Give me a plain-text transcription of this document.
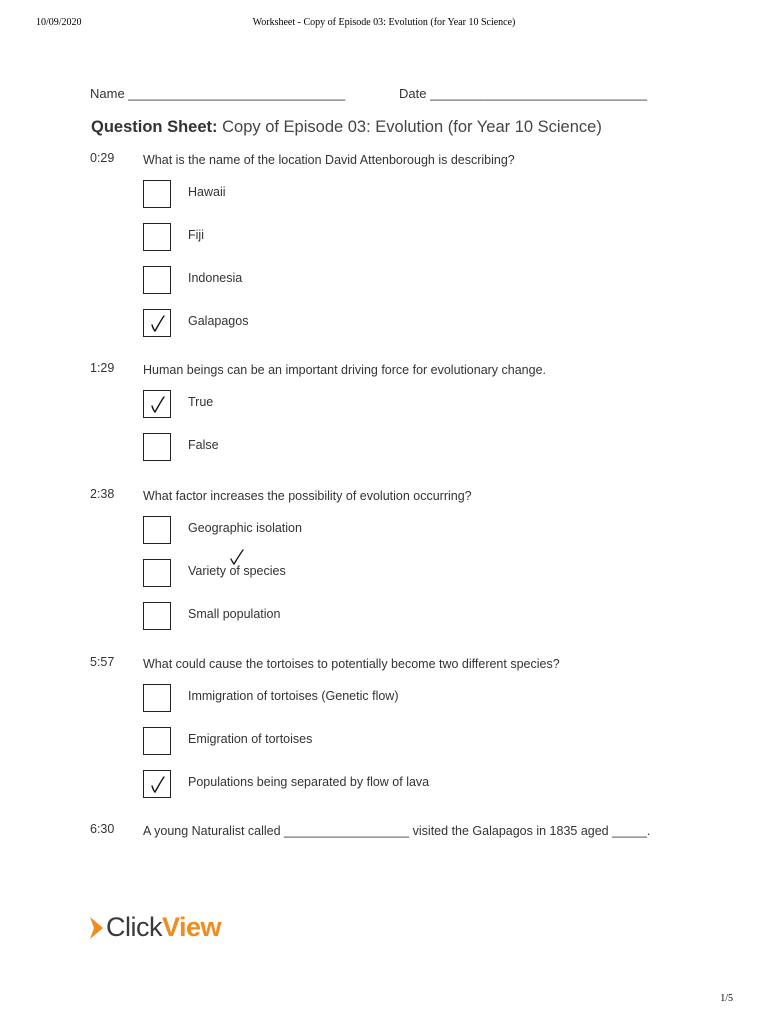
10/09/2020	Worksheet - Copy of Episode 03: Evolution (for Year 10 Science)
Name ______________________________	Date ______________________________
Question Sheet: Copy of Episode 03: Evolution (for Year 10 Science)
0:29 What is the name of the location David Attenborough is describing?
Hawaii
Fiji
Indonesia
Galapagos
1:29 Human beings can be an important driving force for evolutionary change.
True
False
2:38 What factor increases the possibility of evolution occurring?
Geographic isolation
Variety of species
Small population
5:57 What could cause the tortoises to potentially become two different species?
Immigration of tortoises (Genetic flow)
Emigration of tortoises
Populations being separated by flow of lava
6:30 A young Naturalist called __________________ visited the Galapagos in 1835 aged _____.
ClickView
1/5
